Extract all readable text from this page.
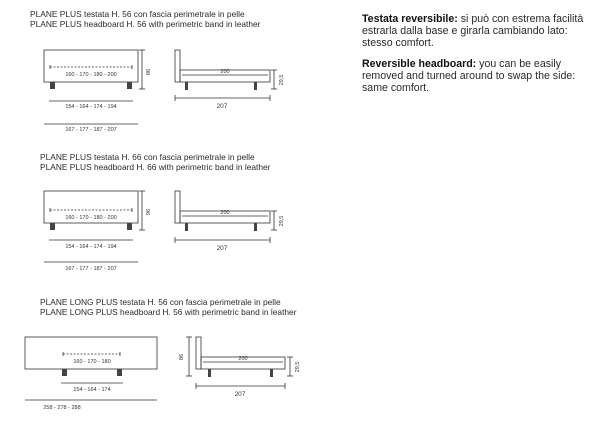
PLANE PLUS testata H. 56 con fascia perimetrale in pelle
PLANE PLUS headboard H. 56 with perimetric band in leather
PLANE PLUS testata H. 66 con fascia perimetrale in pelle
PLANE PLUS headboard H. 66 with perimetric band in leather
PLANE LONG PLUS testata H. 56 con fascia perimetrale in pelle
PLANE LONG PLUS headboard H. 56 with perimetric band in leather

Testata reversibile: si può con estrema facilità estrarla dalla base e girarla cambiando lato: stesso comfort.

Reversible headboard: you can be easily removed and turned around to swap the side: same comfort.

160 - 170 - 180 - 200
154 - 164 - 174 - 194
167 - 177 - 187 - 207
86	200
29,5
207
160 - 170 - 180 - 200
154 - 164 - 174 - 194
167 - 177 - 187 - 207
96	200
29,5
207
160 - 170 - 180
154 - 164 - 174
258 - 278 - 288
86	200
29,5
207
